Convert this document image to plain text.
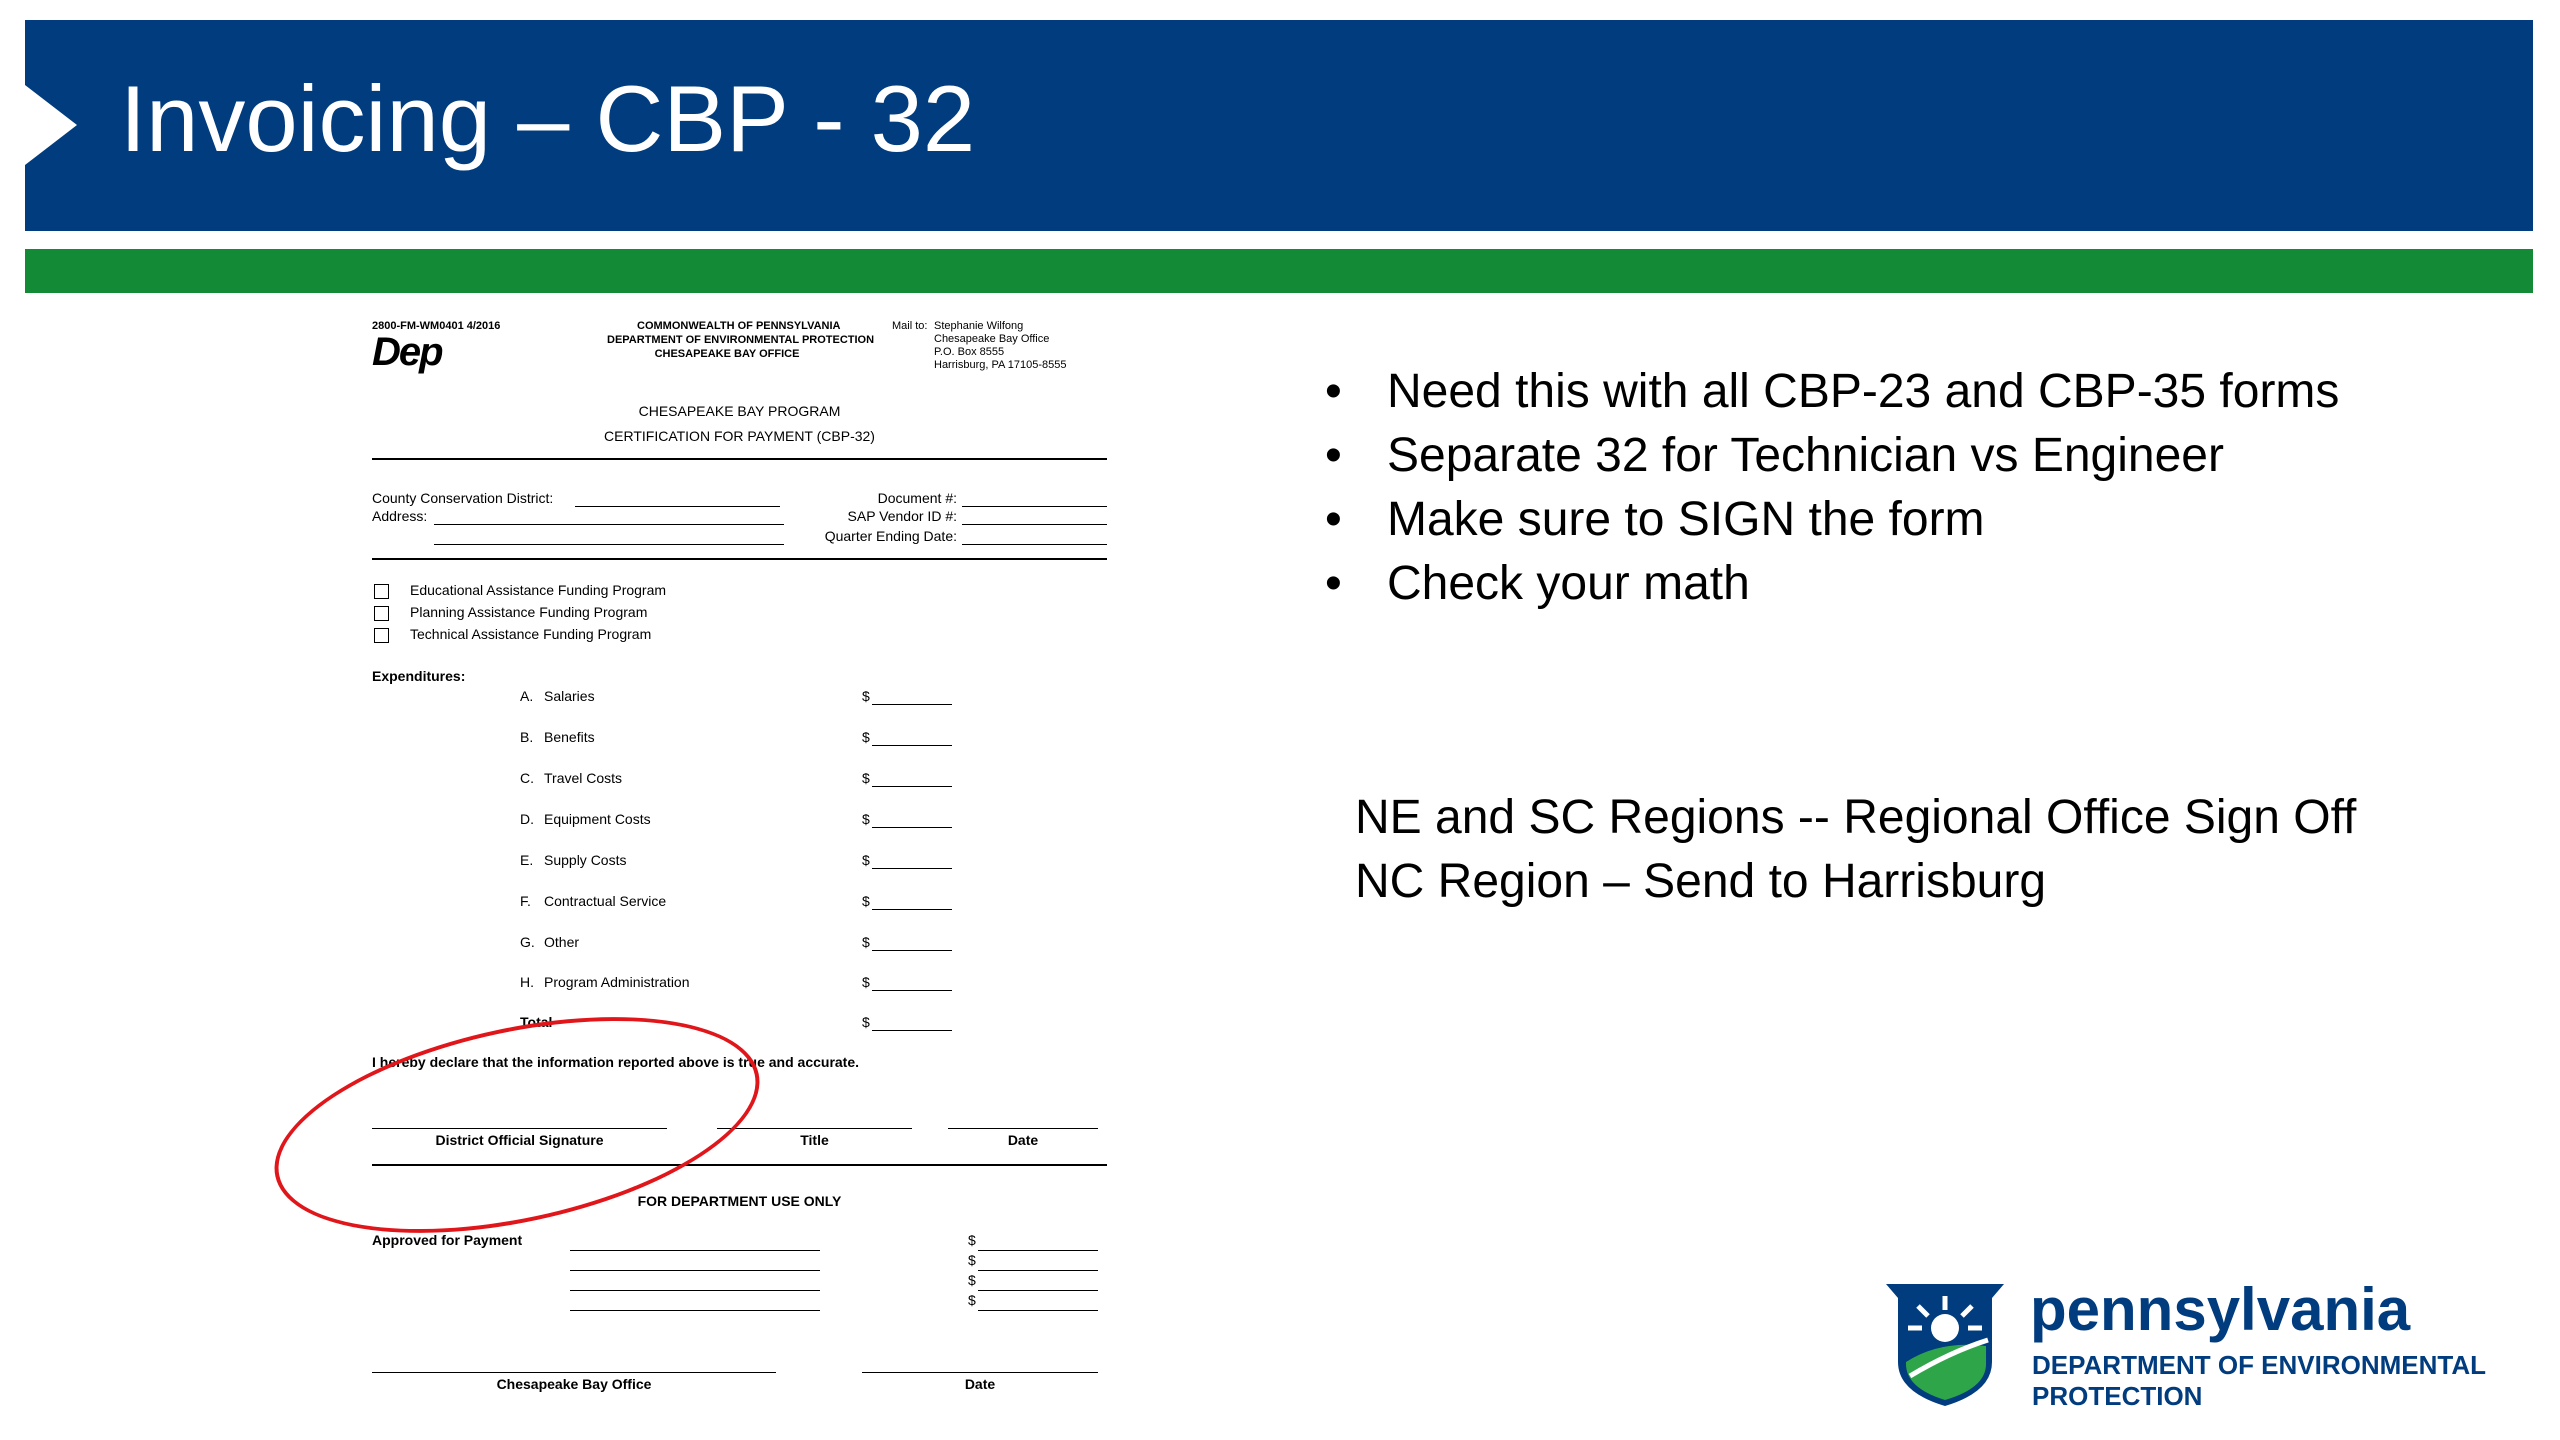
Invoicing – CBP - 32
2800-FM-WM0401 4/2016
Dep
COMMONWEALTH OF PENNSYLVANIA
DEPARTMENT OF ENVIRONMENTAL PROTECTION
CHESAPEAKE BAY OFFICE
Mail to: Stephanie Wilfong
Chesapeake Bay Office
P.O. Box 8555
Harrisburg, PA 17105-8555
CHESAPEAKE BAY PROGRAM
CERTIFICATION FOR PAYMENT (CBP-32)
County Conservation District:
Address:
Document #:
SAP Vendor ID #:
Quarter Ending Date:
Educational Assistance Funding Program
Planning Assistance Funding Program
Technical Assistance Funding Program
Expenditures:
A. Salaries	$
B. Benefits	$
C. Travel Costs	$
D. Equipment Costs	$
E. Supply Costs	$
F. Contractual Service	$
G. Other	$
H. Program Administration	$
Total	$
I hereby declare that the information reported above is true and accurate.
District Official Signature	Title	Date
FOR DEPARTMENT USE ONLY
Approved for Payment	$
$
$
$
Chesapeake Bay Office	Date
• Need this with all CBP-23 and CBP-35 forms
• Separate 32 for Technician vs Engineer
• Make sure to SIGN the form
• Check your math
NE and SC Regions -- Regional Office Sign Off
NC Region – Send to Harrisburg
pennsylvania
DEPARTMENT OF ENVIRONMENTAL
PROTECTION
